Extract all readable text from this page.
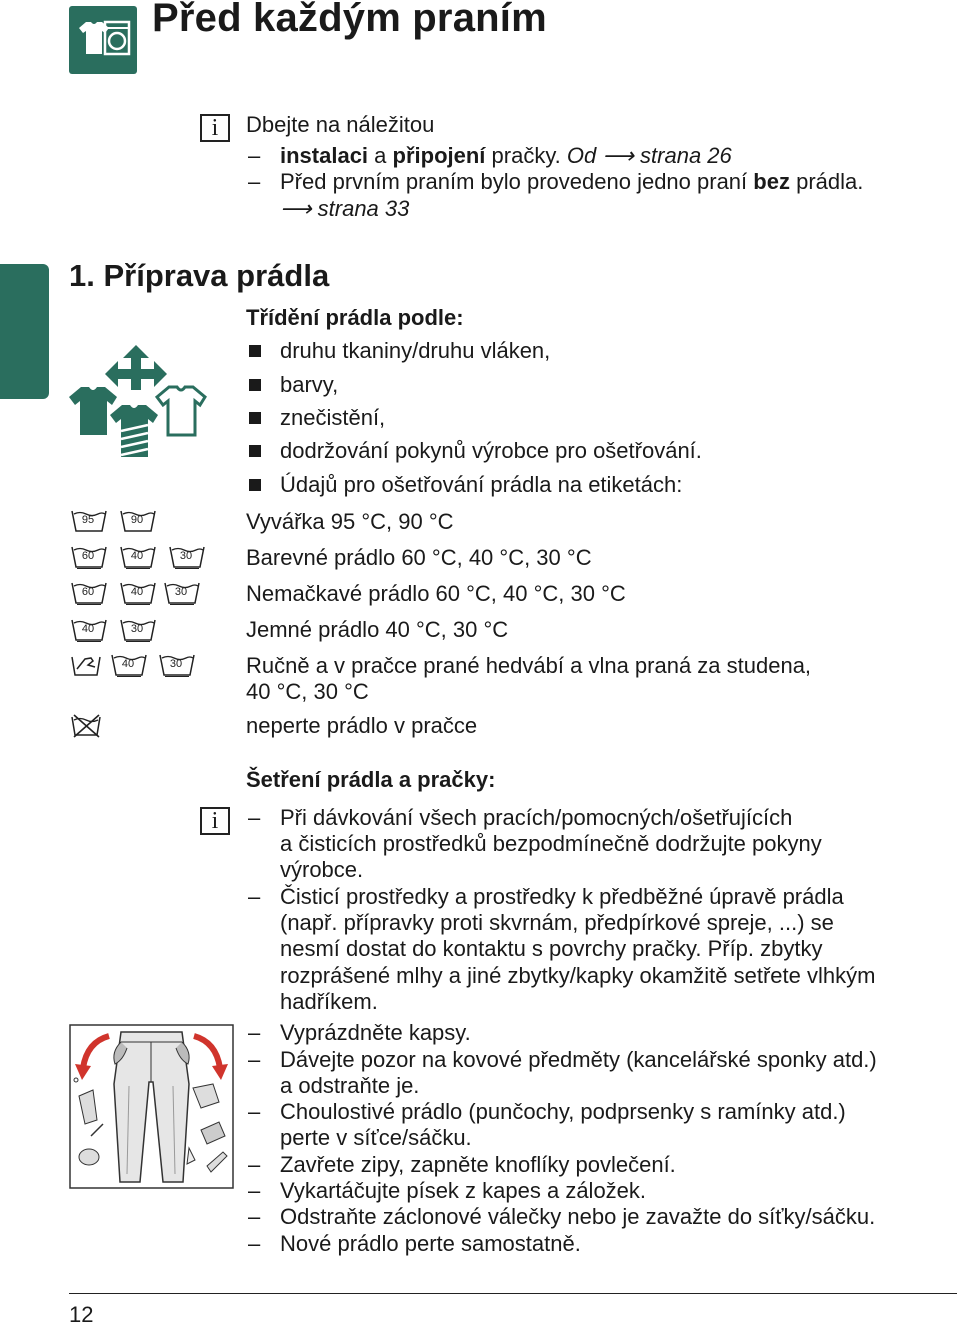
Před každým praním
i	Dbejte na náležitou
– instalaci a připojení pračky. Od ⟶ strana 26
– Před prvním praním bylo provedeno jedno praní bez prádla.
⟶ strana 33
1. Příprava prádla
Třídění prádla podle:
druhu tkaniny/druhu vláken,
barvy,
znečistění,
dodržování pokynů výrobce pro ošetřování.
Údajů pro ošetřování prádla na etiketách:
95	90	Vyvářka 95 °C, 90 °C
60	40	30	Barevné prádlo 60 °C, 40 °C, 30 °C
60	40	30	Nemačkavé prádlo 60 °C, 40 °C, 30 °C
40	30	Jemné prádlo 40 °C, 30 °C
40	30	Ručně a v pračce prané hedvábí a vlna praná za studena,
40 °C, 30 °C
neperte prádlo v pračce
Šetření prádla a pračky:
i	– Při dávkování všech pracích/pomocných/ošetřujících
a čisticích prostředků bezpodmínečně dodržujte pokyny
výrobce.
– Čisticí prostředky a prostředky k předběžné úpravě prádla
(např. přípravky proti skvrnám, předpírkové spreje, ...) se
nesmí dostat do kontaktu s povrchy pračky. Příp. zbytky
rozprášené mlhy a jiné zbytky/kapky okamžitě setřete vlhkým
hadříkem.
– Vyprázdněte kapsy.
– Dávejte pozor na kovové předměty (kancelářské sponky atd.)
a odstraňte je.
– Choulostivé prádlo (punčochy, podprsenky s ramínky atd.)
perte v síťce/sáčku.
– Zavřete zipy, zapněte knoflíky povlečení.
– Vykartáčujte písek z kapes a záložek.
– Odstraňte záclonové válečky nebo je zavažte do síťky/sáčku.
– Nové prádlo perte samostatně.
12
